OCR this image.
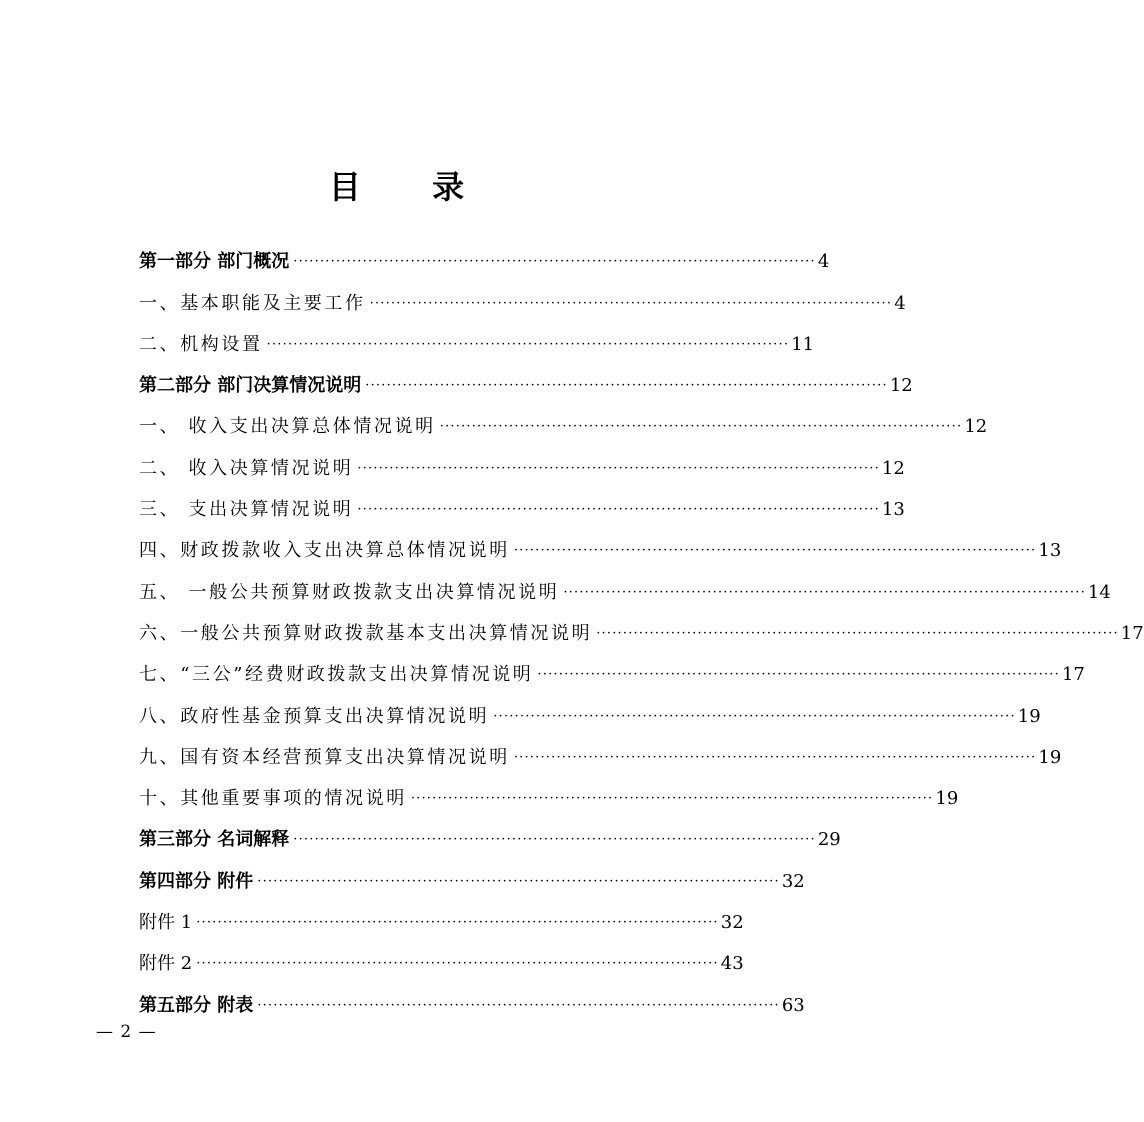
目 录
第一部分 部门概况 ·································································································· 4
一、基本职能及主要工作 ·································································································· 4
二、机构设置 ·································································································· 11
第二部分 部门决算情况说明 ·································································································· 12
一、 收入支出决算总体情况说明 ·································································································· 12
二、 收入决算情况说明 ·································································································· 12
三、 支出决算情况说明 ·································································································· 13
四、财政拨款收入支出决算总体情况说明 ·································································································· 13
五、 一般公共预算财政拨款支出决算情况说明 ·································································································· 14
六、一般公共预算财政拨款基本支出决算情况说明 ·································································································· 17
七、“三公”经费财政拨款支出决算情况说明 ·································································································· 17
八、政府性基金预算支出决算情况说明 ·································································································· 19
九、国有资本经营预算支出决算情况说明 ·································································································· 19
十、其他重要事项的情况说明 ·································································································· 19
第三部分 名词解释 ·································································································· 29
第四部分 附件 ·································································································· 32
附件 1 ·································································································· 32
附件 2 ·································································································· 43
第五部分 附表 ·································································································· 63
— 2 —
